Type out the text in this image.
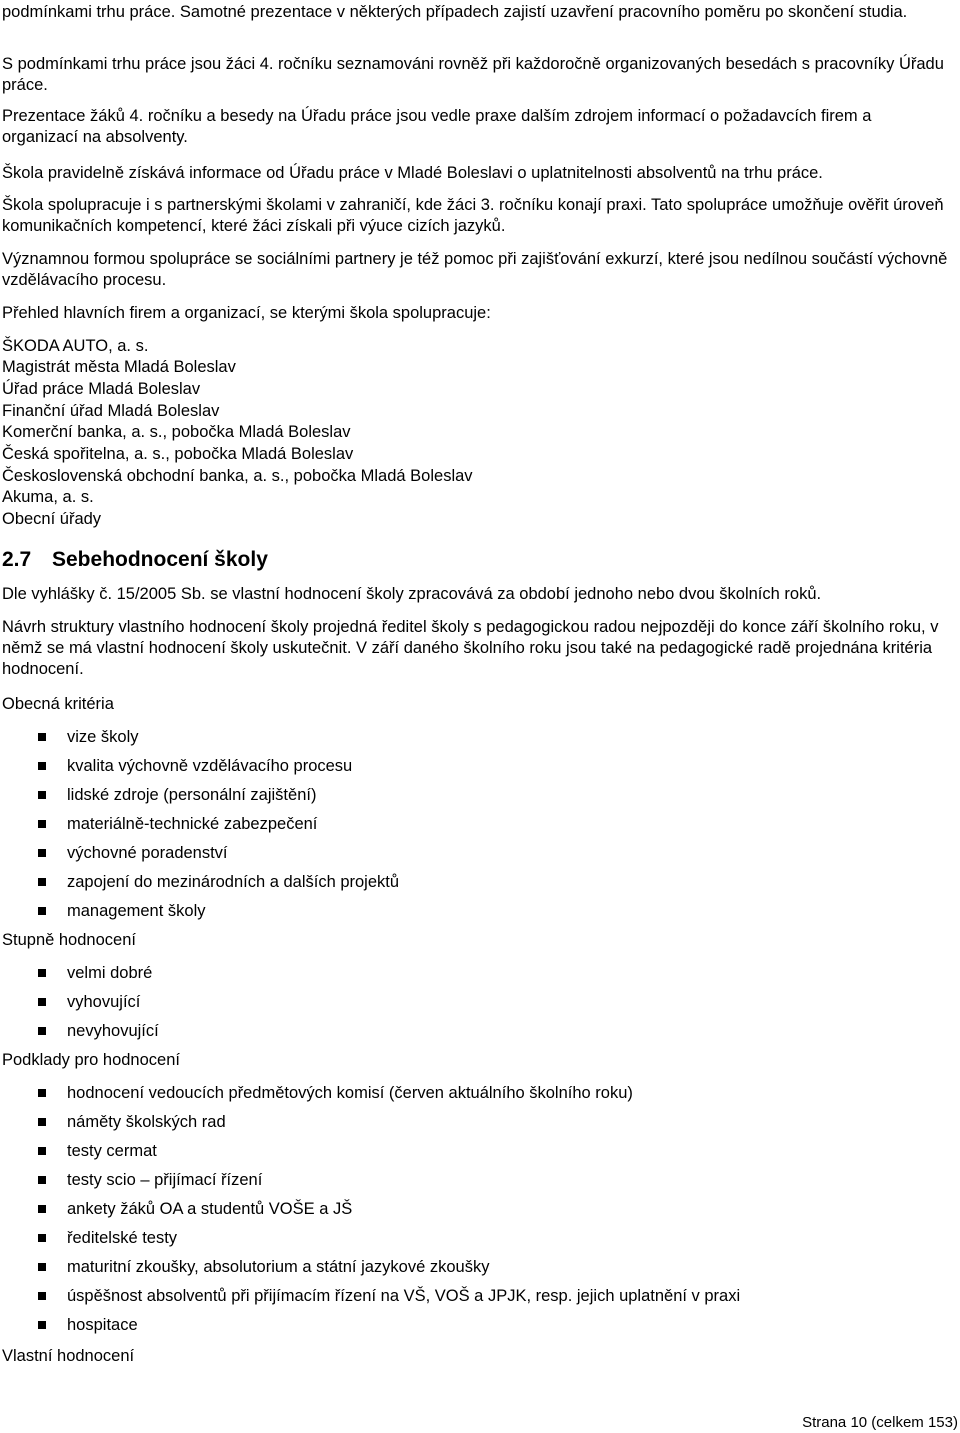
podmínkami trhu práce. Samotné prezentace v některých případech zajistí uzavření pracovního poměru po skončení studia.

S podmínkami trhu práce jsou žáci 4. ročníku seznamováni rovněž při každoročně organizovaných besedách s pracovníky Úřadu práce.

Prezentace žáků 4. ročníku a besedy na Úřadu práce jsou vedle praxe dalším zdrojem informací o požadavcích firem a organizací na absolventy.

Škola pravidelně získává informace od Úřadu práce v Mladé Boleslavi o uplatnitelnosti absolventů na trhu práce.

Škola spolupracuje i s partnerskými školami v zahraničí, kde žáci 3. ročníku konají praxi. Tato spolupráce umožňuje ověřit úroveň komunikačních kompetencí, které žáci získali při výuce cizích jazyků.

Významnou formou spolupráce se sociálními partnery je též pomoc při zajišťování exkurzí, které jsou nedílnou součástí výchovně vzdělávacího procesu.

Přehled hlavních firem a organizací, se kterými škola spolupracuje:

ŠKODA AUTO, a. s.

Magistrát města Mladá Boleslav

Úřad práce Mladá Boleslav

Finanční úřad Mladá Boleslav

Komerční banka, a. s., pobočka Mladá Boleslav

Česká spořitelna, a. s., pobočka Mladá Boleslav

Československá obchodní banka, a. s., pobočka Mladá Boleslav

Akuma, a. s.

Obecní úřady

2.7 Sebehodnocení školy

Dle vyhlášky č. 15/2005 Sb. se vlastní hodnocení školy zpracovává za období jednoho nebo dvou školních roků.

Návrh struktury vlastního hodnocení školy projedná ředitel školy s pedagogickou radou nejpozději do konce září školního roku, v němž se má vlastní hodnocení školy uskutečnit. V září daného školního roku jsou také na pedagogické radě projednána kritéria hodnocení.

Obecná kritéria

vize školy

kvalita výchovně vzdělávacího procesu

lidské zdroje (personální zajištění)

materiálně-technické zabezpečení

výchovné poradenství

zapojení do mezinárodních a dalších projektů

management školy

Stupně hodnocení

velmi dobré

vyhovující

nevyhovující

Podklady pro hodnocení

hodnocení vedoucích předmětových komisí (červen aktuálního školního roku)

náměty školských rad

testy cermat

testy scio – přijímací řízení

ankety žáků OA a studentů VOŠE a JŠ

ředitelské testy

maturitní zkoušky, absolutorium a státní jazykové zkoušky

úspěšnost absolventů při přijímacím řízení na VŠ, VOŠ a JPJK, resp. jejich uplatnění v praxi

hospitace

Vlastní hodnocení

Strana 10 (celkem 153)
